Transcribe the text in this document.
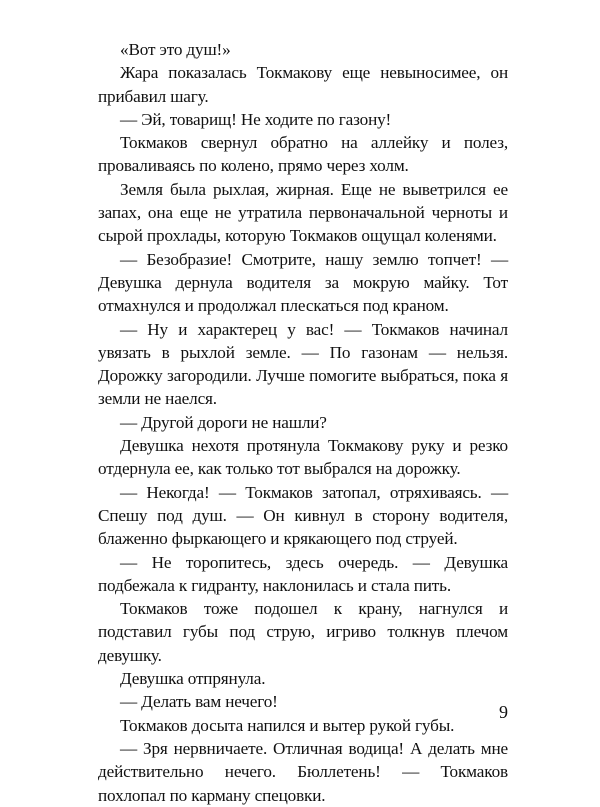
«Вот это душ!»

Жара показалась Токмакову еще невыносимее, он прибавил шагу.

— Эй, товарищ! Не ходите по газону!

Токмаков свернул обратно на аллейку и полез, проваливаясь по колено, прямо через холм.

Земля была рыхлая, жирная. Еще не выветрился ее запах, она еще не утратила первоначальной черноты и сырой прохлады, которую Токмаков ощущал коленями.

— Безобразие! Смотрите, нашу землю топчет! — Девушка дернула водителя за мокрую майку. Тот отмахнулся и продолжал плескаться под краном.

— Ну и характерец у вас! — Токмаков начинал увязать в рыхлой земле. — По газонам — нельзя. Дорожку загородили. Лучше помогите выбраться, пока я земли не наелся.

— Другой дороги не нашли?

Девушка нехотя протянула Токмакову руку и резко отдернула ее, как только тот выбрался на дорожку.

— Некогда! — Токмаков затопал, отряхиваясь. — Спешу под душ. — Он кивнул в сторону водителя, блаженно фыркающего и крякающего под струей.

— Не торопитесь, здесь очередь. — Девушка подбежала к гидранту, наклонилась и стала пить.

Токмаков тоже подошел к крану, нагнулся и подставил губы под струю, игриво толкнув плечом девушку.

Девушка отпрянула.

— Делать вам нечего!

Токмаков досыта напился и вытер рукой губы.

— Зря нервничаете. Отличная водица! А делать мне действительно нечего. Бюллетень! — Токмаков похлопал по карману спецовки.

9
